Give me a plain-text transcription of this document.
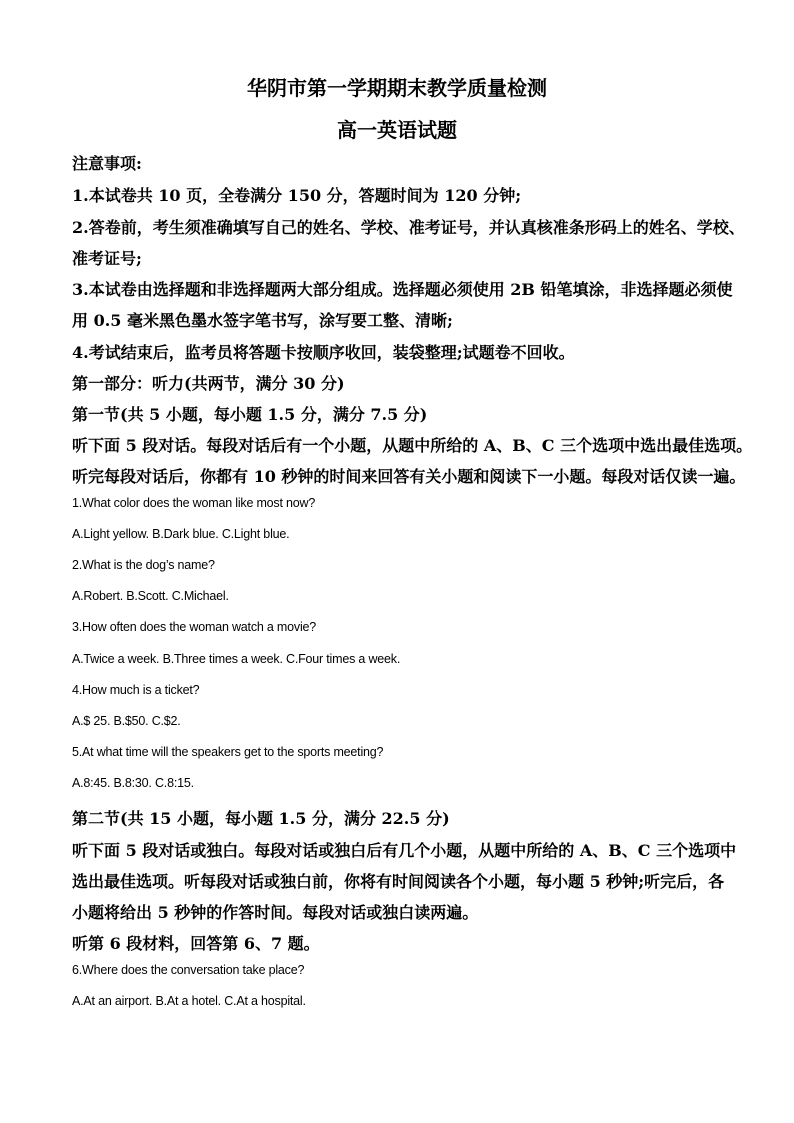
华阴市第一学期期末教学质量检测
高一英语试题
注意事项:
1.本试卷共 10 页，全卷满分 150 分，答题时间为 120 分钟;
2.答卷前，考生须准确填写自己的姓名、学校、准考证号，并认真核准条形码上的姓名、学校、
准考证号;
3.本试卷由选择题和非选择题两大部分组成。选择题必须使用 2B 铅笔填涂，非选择题必须使
用 0.5 毫米黑色墨水签字笔书写，涂写要工整、清晰;
4.考试结束后，监考员将答题卡按顺序收回，装袋整理;试题卷不回收。
第一部分：听力(共两节，满分 30 分)
第一节(共 5 小题，每小题 1.5 分，满分 7.5 分)
听下面 5 段对话。每段对话后有一个小题，从题中所给的 A、B、C 三个选项中选出最佳选项。
听完每段对话后，你都有 10 秒钟的时间来回答有关小题和阅读下一小题。每段对话仅读一遍。
1.What color does the woman like most now?
A.Light yellow. B.Dark blue. C.Light blue.
2.What is the dog’s name?
A.Robert. B.Scott. C.Michael.
3.How often does the woman watch a movie?
A.Twice a week. B.Three times a week. C.Four times a week.
4.How much is a ticket?
A.$ 25. B.$50. C.$2.
5.At what time will the speakers get to the sports meeting?
A.8:45. B.8:30. C.8:15.
第二节(共 15 小题，每小题 1.5 分，满分 22.5 分)
听下面 5 段对话或独白。每段对话或独白后有几个小题，从题中所给的 A、B、C 三个选项中
选出最佳选项。听每段对话或独白前，你将有时间阅读各个小题，每小题 5 秒钟;听完后，各
小题将给出 5 秒钟的作答时间。每段对话或独白读两遍。
听第 6 段材料，回答第 6、7 题。
6.Where does the conversation take place?
A.At an airport. B.At a hotel. C.At a hospital.
